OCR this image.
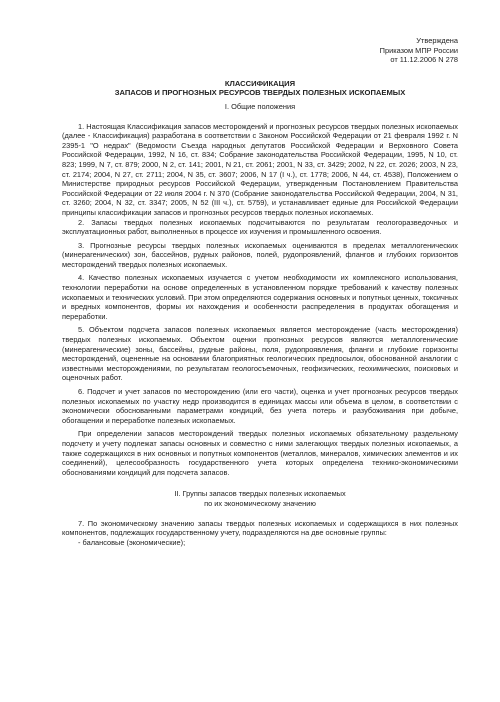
Утверждена
Приказом МПР России
от 11.12.2006 N 278
КЛАССИФИКАЦИЯ
ЗАПАСОВ И ПРОГНОЗНЫХ РЕСУРСОВ ТВЕРДЫХ ПОЛЕЗНЫХ ИСКОПАЕМЫХ
I. Общие положения

1. Настоящая Классификация запасов месторождений и прогнозных ресурсов твердых полезных ископаемых (далее - Классификация) разработана в соответствии с Законом Российской Федерации от 21 февраля 1992 г. N 2395-1 "О недрах" (Ведомости Съезда народных депутатов Российской Федерации и Верховного Совета Российской Федерации, 1992, N 16, ст. 834; Собрание законодательства Российской Федерации, 1995, N 10, ст. 823; 1999, N 7, ст. 879; 2000, N 2, ст. 141; 2001, N 21, ст. 2061; 2001, N 33, ст. 3429; 2002, N 22, ст. 2026; 2003, N 23, ст. 2174; 2004, N 27, ст. 2711; 2004, N 35, ст. 3607; 2006, N 17 (I ч.), ст. 1778; 2006, N 44, ст. 4538), Положением о Министерстве природных ресурсов Российской Федерации, утвержденным Постановлением Правительства Российской Федерации от 22 июля 2004 г. N 370 (Собрание законодательства Российской Федерации, 2004, N 31, ст. 3260; 2004, N 32, ст. 3347; 2005, N 52 (III ч.), ст. 5759), и устанавливает единые для Российской Федерации принципы классификации запасов и прогнозных ресурсов твердых полезных ископаемых.

2. Запасы твердых полезных ископаемых подсчитываются по результатам геологоразведочных и эксплуатационных работ, выполненных в процессе их изучения и промышленного освоения.

3. Прогнозные ресурсы твердых полезных ископаемых оцениваются в пределах металлогенических (минерагенических) зон, бассейнов, рудных районов, полей, рудопроявлений, флангов и глубоких горизонтов месторождений твердых полезных ископаемых.

4. Качество полезных ископаемых изучается с учетом необходимости их комплексного использования, технологии переработки на основе определенных в установленном порядке требований к качеству полезных ископаемых и технических условий. При этом определяются содержания основных и попутных ценных, токсичных и вредных компонентов, формы их нахождения и особенности распределения в продуктах обогащения и переработки.

5. Объектом подсчета запасов полезных ископаемых является месторождение (часть месторождения) твердых полезных ископаемых. Объектом оценки прогнозных ресурсов являются металлогенические (минерагенические) зоны, бассейны, рудные районы, поля, рудопроявления, фланги и глубокие горизонты месторождений, оцененные на основании благоприятных геологических предпосылок, обоснованной аналогии с известными месторождениями, по результатам геологосъемочных, геофизических, геохимических, поисковых и оценочных работ.

6. Подсчет и учет запасов по месторождению (или его части), оценка и учет прогнозных ресурсов твердых полезных ископаемых по участку недр производится в единицах массы или объема в целом, в соответствии с экономически обоснованными параметрами кондиций, без учета потерь и разубоживания при добыче, обогащении и переработке полезных ископаемых.

При определении запасов месторождений твердых полезных ископаемых обязательному раздельному подсчету и учету подлежат запасы основных и совместно с ними залегающих твердых полезных ископаемых, а также содержащихся в них основных и попутных компонентов (металлов, минералов, химических элементов и их соединений), целесообразность государственного учета которых определена технико-экономическими обоснованиями кондиций для подсчета запасов.

II. Группы запасов твердых полезных ископаемых
по их экономическому значению

7. По экономическому значению запасы твердых полезных ископаемых и содержащихся в них полезных компонентов, подлежащих государственному учету, подразделяются на две основные группы:

- балансовые (экономические);
